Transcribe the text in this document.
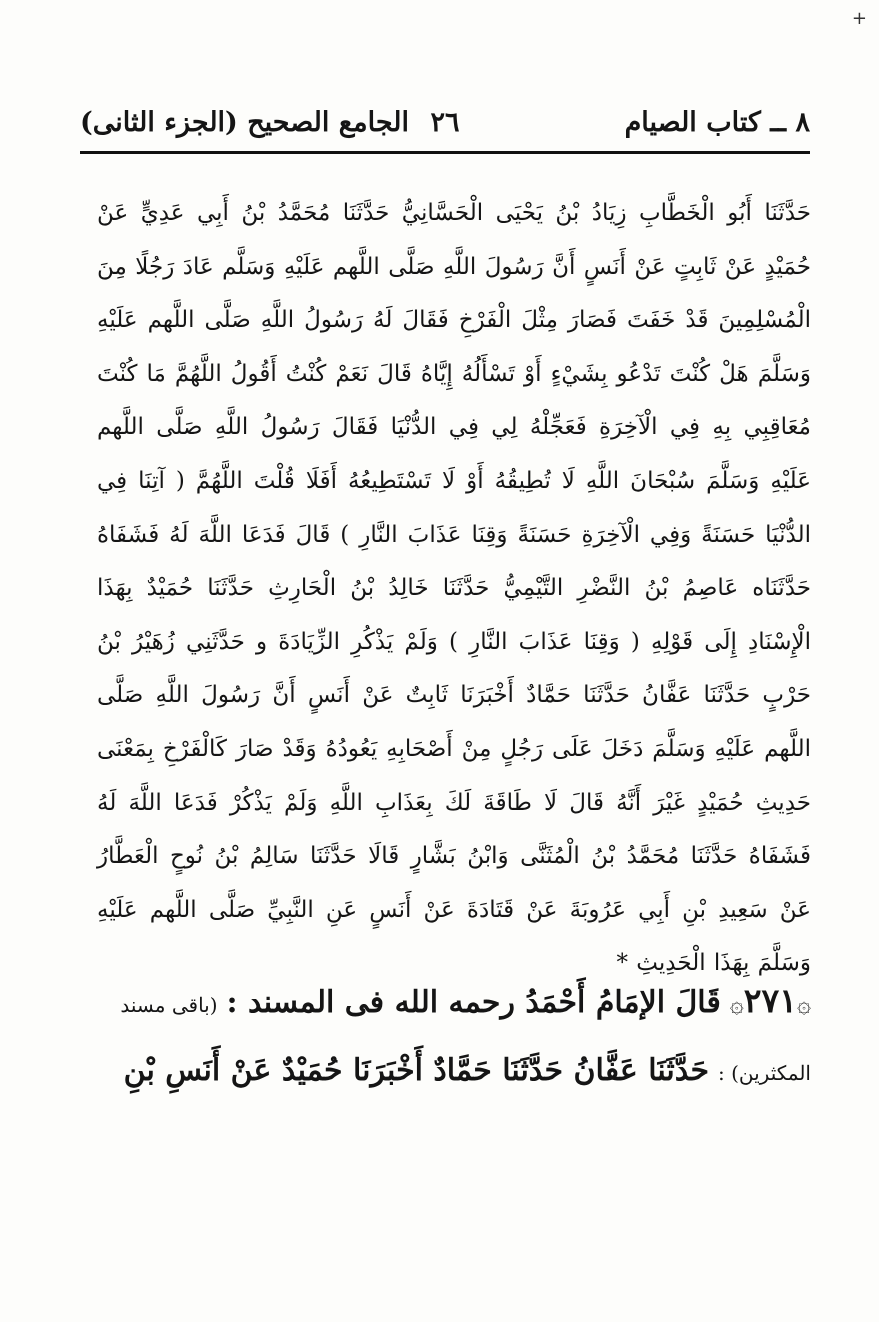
+
٨ ــ كتاب الصيام
٢٦
الجامع الصحيح (الجزء الثانى)

حَدَّثَنَا أَبُو الْخَطَّابِ زِيَادُ بْنُ يَحْيَى الْحَسَّانِيُّ حَدَّثَنَا مُحَمَّدُ بْنُ أَبِي عَدِيٍّ عَنْ حُمَيْدٍ عَنْ ثَابِتٍ عَنْ أَنَسٍ أَنَّ رَسُولَ اللَّهِ صَلَّى اللَّهم عَلَيْهِ وَسَلَّم عَادَ رَجُلًا مِنَ الْمُسْلِمِينَ قَدْ خَفَتَ فَصَارَ مِثْلَ الْفَرْخِ فَقَالَ لَهُ رَسُولُ اللَّهِ صَلَّى اللَّهم عَلَيْهِ وَسَلَّمَ هَلْ كُنْتَ تَدْعُو بِشَيْءٍ أَوْ تَسْأَلُهُ إِيَّاهُ قَالَ نَعَمْ كُنْتُ أَقُولُ اللَّهُمَّ مَا كُنْتَ مُعَاقِبِي بِهِ فِي الْآخِرَةِ فَعَجِّلْهُ لِي فِي الدُّنْيَا فَقَالَ رَسُولُ اللَّهِ صَلَّى اللَّهم عَلَيْهِ وَسَلَّمَ سُبْحَانَ اللَّهِ لَا تُطِيقُهُ أَوْ لَا تَسْتَطِيعُهُ أَفَلَا قُلْتَ اللَّهُمَّ ( آتِنَا فِي الدُّنْيَا حَسَنَةً وَفِي الْآخِرَةِ حَسَنَةً وَقِنَا عَذَابَ النَّارِ ) قَالَ فَدَعَا اللَّهَ لَهُ فَشَفَاهُ حَدَّثَنَاه عَاصِمُ بْنُ النَّضْرِ التَّيْمِيُّ حَدَّثَنَا خَالِدُ بْنُ الْحَارِثِ حَدَّثَنَا حُمَيْدٌ بِهَذَا الْإِسْنَادِ إِلَى قَوْلِهِ ( وَقِنَا عَذَابَ النَّارِ ) وَلَمْ يَذْكُرِ الزِّيَادَةَ و حَدَّثَنِي زُهَيْرُ بْنُ حَرْبٍ حَدَّثَنَا عَفَّانُ حَدَّثَنَا حَمَّادٌ أَخْبَرَنَا ثَابِتٌ عَنْ أَنَسٍ أَنَّ رَسُولَ اللَّهِ صَلَّى اللَّهم عَلَيْهِ وَسَلَّمَ دَخَلَ عَلَى رَجُلٍ مِنْ أَصْحَابِهِ يَعُودُهُ وَقَدْ صَارَ كَالْفَرْخِ بِمَعْنَى حَدِيثِ حُمَيْدٍ غَيْرَ أَنَّهُ قَالَ لَا طَاقَةَ لَكَ بِعَذَابِ اللَّهِ وَلَمْ يَذْكُرْ فَدَعَا اللَّهَ لَهُ فَشَفَاهُ حَدَّثَنَا مُحَمَّدُ بْنُ الْمُثَنَّى وَابْنُ بَشَّارٍ قَالَا حَدَّثَنَا سَالِمُ بْنُ نُوحٍ الْعَطَّارُ عَنْ سَعِيدِ بْنِ أَبِي عَرُوبَةَ عَنْ قَتَادَةَ عَنْ أَنَسٍ عَنِ النَّبِيِّ صَلَّى اللَّهم عَلَيْهِ وَسَلَّمَ بِهَذَا الْحَدِيثِ *

۞٢٧١۞ قَالَ الإمَامُ أَحْمَدُ رحمه الله فى المسند : (باقى مسند المكثرين) : حَدَّثَنَا عَفَّانُ حَدَّثَنَا حَمَّادٌ أَخْبَرَنَا حُمَيْدٌ عَنْ أَنَسِ بْنِ
